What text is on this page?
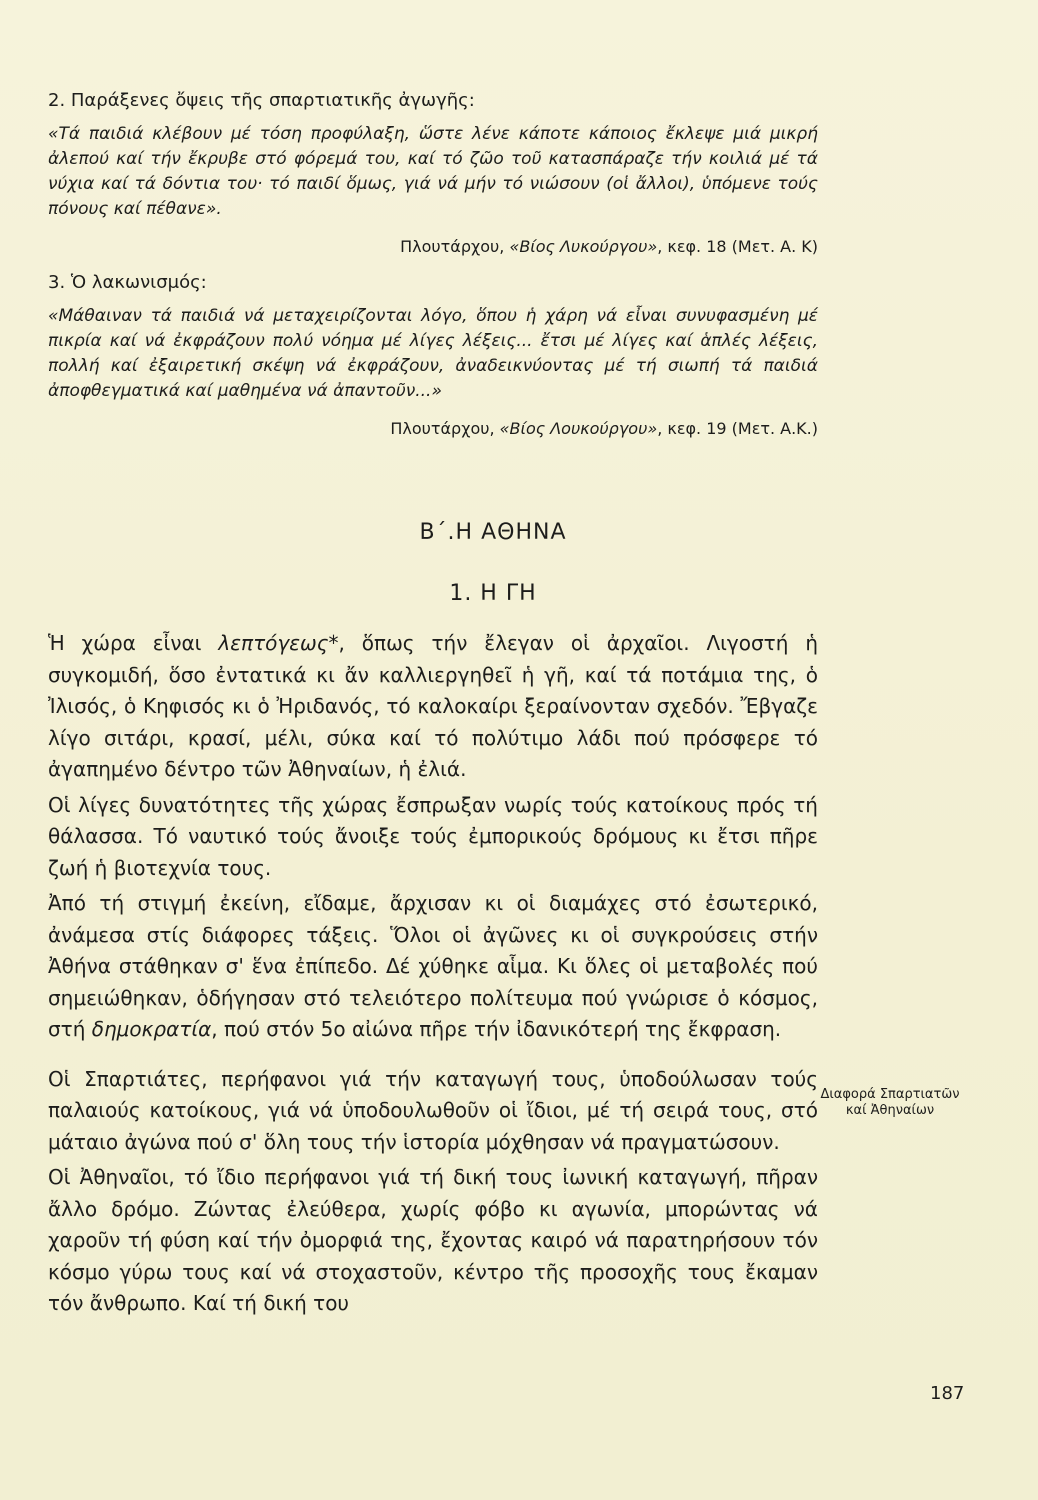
2. Παράξενες ὄψεις τῆς σπαρτιατικῆς ἀγωγῆς:

«Τά παιδιά κλέβουν μέ τόση προφύλαξη, ὥστε λένε κάποτε κάποιος ἔκλεψε μιά μικρή ἀλεπού καί τήν ἔκρυβε στό φόρεμά του, καί τό ζῶο τοῦ κατασπάραζε τήν κοιλιά μέ τά νύχια καί τά δόντια του· τό παιδί ὅμως, γιά νά μήν τό νιώσουν (οἱ ἄλλοι), ὑπόμενε τούς πόνους καί πέθανε».

Πλουτάρχου, «Βίος Λυκούργου», κεφ. 18 (Μετ. Α. Κ)

3. Ὁ λακωνισμός:

«Μάθαιναν τά παιδιά νά μεταχειρίζονται λόγο, ὅπου ἡ χάρη νά εἶναι συνυφασμένη μέ πικρία καί νά ἐκφράζουν πολύ νόημα μέ λίγες λέξεις... ἔτσι μέ λίγες καί ἁπλές λέξεις, πολλή καί ἐξαιρετική σκέψη νά ἐκφράζουν, ἀναδεικνύοντας μέ τή σιωπή τά παιδιά ἀποφθεγματικά καί μαθημένα νά ἀπαντοῦν...»

Πλουτάρχου, «Βίος Λουκούργου», κεφ. 19 (Μετ. Α.Κ.)

Β΄.Η ΑΘΗΝΑ
1. Η ΓΗ

Ἡ χώρα εἶναι λεπτόγεως*, ὅπως τήν ἔλεγαν οἱ ἀρχαῖοι. Λιγοστή ἡ συγκομιδή, ὅσο ἐντατικά κι ἄν καλλιεργηθεῖ ἡ γῆ, καί τά ποτάμια της, ὁ Ἰλισός, ὁ Κηφισός κι ὁ Ἠριδανός, τό καλοκαίρι ξεραίνονταν σχεδόν. Ἔβγαζε λίγο σιτάρι, κρασί, μέλι, σύκα καί τό πολύτιμο λάδι πού πρόσφερε τό ἀγαπημένο δέντρο τῶν Ἀθηναίων, ἡ ἐλιά.

Οἱ λίγες δυνατότητες τῆς χώρας ἔσπρωξαν νωρίς τούς κατοίκους πρός τή θάλασσα. Τό ναυτικό τούς ἄνοιξε τούς ἐμπορικούς δρόμους κι ἔτσι πῆρε ζωή ἡ βιοτεχνία τους.

Ἀπό τή στιγμή ἐκείνη, εἴδαμε, ἄρχισαν κι οἱ διαμάχες στό ἐσωτερικό, ἀνάμεσα στίς διάφορες τάξεις. Ὅλοι οἱ ἀγῶνες κι οἱ συγκρούσεις στήν Ἀθήνα στάθηκαν σ' ἕνα ἐπίπεδο. Δέ χύθηκε αἷμα. Κι ὅλες οἱ μεταβολές πού σημειώθηκαν, ὁδήγησαν στό τελειότερο πολίτευμα πού γνώρισε ὁ κόσμος, στή δημοκρατία, πού στόν 5ο αἰώνα πῆρε τήν ἰδανικότερή της ἔκφραση.

Οἱ Σπαρτιάτες, περήφανοι γιά τήν καταγωγή τους, ὑποδούλωσαν τούς παλαιούς κατοίκους, γιά νά ὑποδουλωθοῦν οἱ ἴδιοι, μέ τή σειρά τους, στό μάταιο ἀγώνα πού σ' ὅλη τους τήν ἱστορία μόχθησαν νά πραγματώσουν.

Οἱ Ἀθηναῖοι, τό ἴδιο περήφανοι γιά τή δική τους ἰωνική καταγωγή, πῆραν ἄλλο δρόμο. Ζώντας ἐλεύθερα, χωρίς φόβο κι αγωνία, μπορώντας νά χαροῦν τή φύση καί τήν ὀμορφιά της, ἔχοντας καιρό νά παρατηρήσουν τόν κόσμο γύρω τους καί νά στοχαστοῦν, κέντρο τῆς προσοχῆς τους ἔκαμαν τόν ἄνθρωπο. Καί τή δική του

Διαφορά Σπαρτιατῶν καί Ἀθηναίων
187
